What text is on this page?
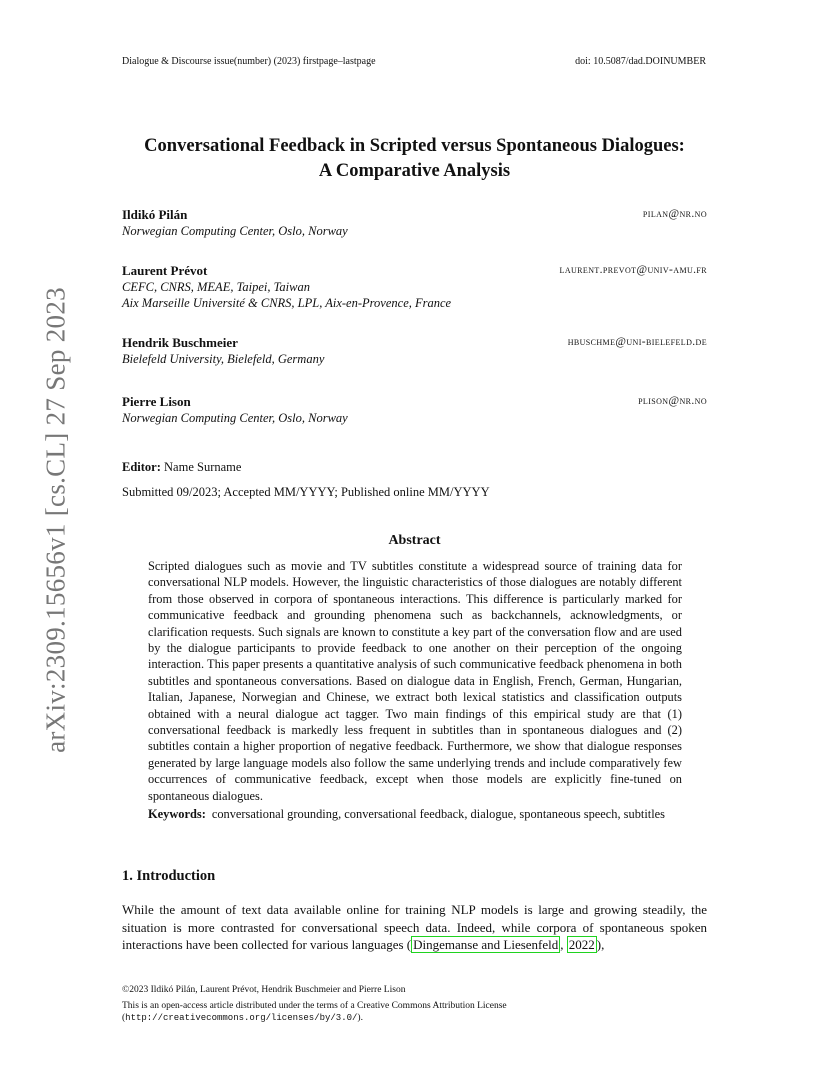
Dialogue & Discourse issue(number) (2023) firstpage–lastpage	doi: 10.5087/dad.DOINUMBER
arXiv:2309.15656v1 [cs.CL] 27 Sep 2023
Conversational Feedback in Scripted versus Spontaneous Dialogues:
A Comparative Analysis
Ildikó Pilán	pilan@nr.no
Norwegian Computing Center, Oslo, Norway
Laurent Prévot	laurent.prevot@univ-amu.fr
CEFC, CNRS, MEAE, Taipei, Taiwan
Aix Marseille Université & CNRS, LPL, Aix-en-Provence, France
Hendrik Buschmeier	hbuschme@uni-bielefeld.de
Bielefeld University, Bielefeld, Germany
Pierre Lison	plison@nr.no
Norwegian Computing Center, Oslo, Norway
Editor: Name Surname
Submitted 09/2023; Accepted MM/YYYY; Published online MM/YYYY
Abstract
Scripted dialogues such as movie and TV subtitles constitute a widespread source of training data for conversational NLP models. However, the linguistic characteristics of those dialogues are notably different from those observed in corpora of spontaneous interactions. This difference is particularly marked for communicative feedback and grounding phenomena such as backchannels, acknowledgments, or clarification requests. Such signals are known to constitute a key part of the conversation flow and are used by the dialogue participants to provide feedback to one another on their perception of the ongoing interaction. This paper presents a quantitative analysis of such communicative feedback phenomena in both subtitles and spontaneous conversations. Based on dialogue data in English, French, German, Hungarian, Italian, Japanese, Norwegian and Chinese, we extract both lexical statistics and classification outputs obtained with a neural dialogue act tagger. Two main findings of this empirical study are that (1) conversational feedback is markedly less frequent in subtitles than in spontaneous dialogues and (2) subtitles contain a higher proportion of negative feedback. Furthermore, we show that dialogue responses generated by large language models also follow the same underlying trends and include comparatively few occurrences of communicative feedback, except when those models are explicitly fine-tuned on spontaneous dialogues.
Keywords: conversational grounding, conversational feedback, dialogue, spontaneous speech, subtitles
1. Introduction
While the amount of text data available online for training NLP models is large and growing steadily, the situation is more contrasted for conversational speech data. Indeed, while corpora of spontaneous spoken interactions have been collected for various languages ( Dingemanse and Liesenfeld , 2022 ),
©2023 Ildikó Pilán, Laurent Prévot, Hendrik Buschmeier and Pierre Lison
This is an open-access article distributed under the terms of a Creative Commons Attribution License
(http://creativecommons.org/licenses/by/3.0/).
